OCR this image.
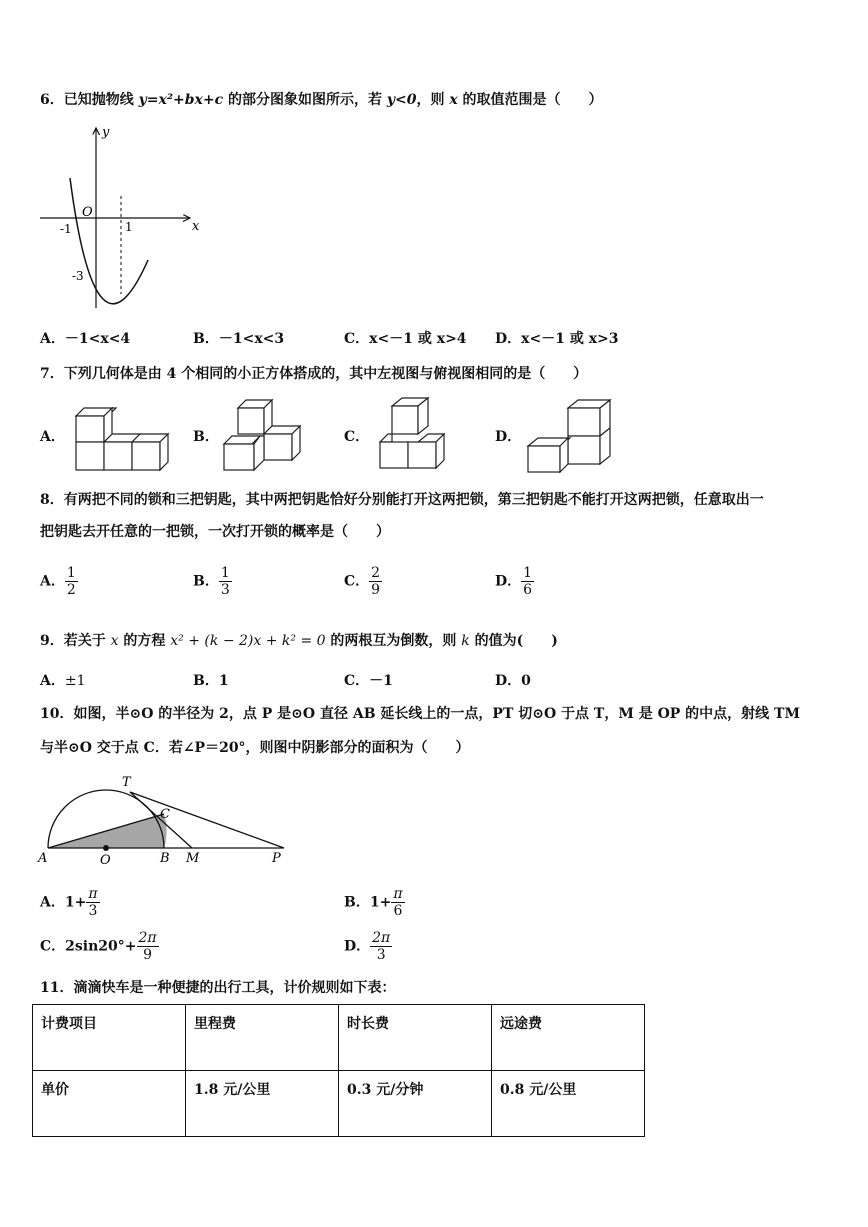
6．已知抛物线 y=x²+bx+c 的部分图象如图所示，若 y<0，则 x 的取值范围是（　　）
y
x
O
-1	1
-3
A．－1<x<4	B．－1<x<3	C．x<－1 或 x>4 D．x<－1 或 x>3
7．下列几何体是由 4 个相同的小正方体搭成的，其中左视图与俯视图相同的是（　　）
A．	B．	C．	D．
8．有两把不同的锁和三把钥匙，其中两把钥匙恰好分别能打开这两把锁，第三把钥匙不能打开这两把锁，任意取出一
把钥匙去开任意的一把锁，一次打开锁的概率是（　　）
A． $\frac{1}{2}$	B． $\frac{1}{3}$	C． $\frac{2}{9}$	D． $\frac{1}{6}$
9．若关于 x 的方程 x² + (k − 2)x + k² = 0 的两根互为倒数，则 k 的值为(　　)
A．±1	B．1	C．－1	D．0
10．如图，半⊙O 的半径为 2，点 P 是⊙O 直径 AB 延长线上的一点，PT 切⊙O 于点 T，M 是 OP 的中点，射线 TM
与半⊙O 交于点 C．若∠P＝20°，则图中阴影部分的面积为（　　）
T
C
A	O	B M	P
A．$1+ \frac{\pi}{3}$	B．$1+ \frac{\pi}{6}$
C．$2\sin 20^\circ+ \frac{2\pi}{9}$	D． $\frac{2\pi}{3}$
11．滴滴快车是一种便捷的出行工具，计价规则如下表：
计费项目	里程费	时长费	远途费
单价	1.8 元/公里	0.3 元/分钟	0.8 元/公里
